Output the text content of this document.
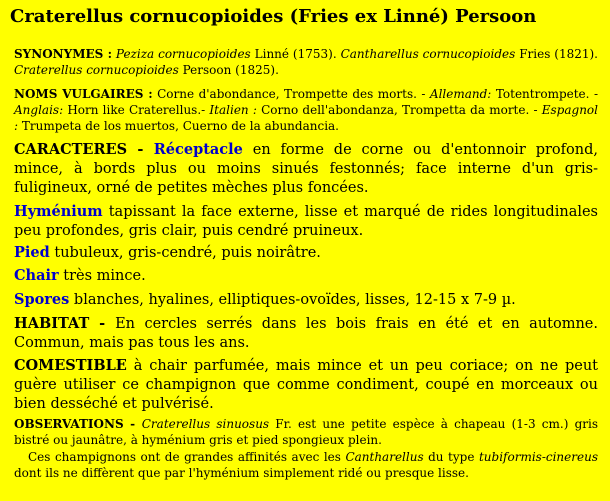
Craterellus cornucopioides (Fries ex Linné) Persoon

SYNONYMES : Peziza cornucopioides Linné (1753). Cantharellus cornucopioides Fries (1821). Craterellus cornucopioides Persoon (1825).

NOMS VULGAIRES : Corne d'abondance, Trompette des morts. - Allemand: Totentrompete. - Anglais: Horn like Craterellus.- Italien : Corno dell'abondanza, Trompetta da morte. - Espagnol : Trumpeta de los muertos, Cuerno de la abundancia.

CARACTERES - Réceptacle en forme de corne ou d'entonnoir profond, mince, à bords plus ou moins sinués festonnés; face interne d'un gris-fuligineux, orné de petites mèches plus foncées.

Hyménium tapissant la face externe, lisse et marqué de rides longitudinales peu profondes, gris clair, puis cendré pruineux.

Pied tubuleux, gris-cendré, puis noirâtre.

Chair très mince.

Spores blanches, hyalines, elliptiques-ovoïdes, lisses, 12-15 x 7-9 µ.

HABITAT - En cercles serrés dans les bois frais en été et en automne. Commun, mais pas tous les ans.

COMESTIBLE à chair parfumée, mais mince et un peu coriace; on ne peut guère utiliser ce champignon que comme condiment, coupé en morceaux ou bien desséché et pulvérisé.

OBSERVATIONS - Craterellus sinuosus Fr. est une petite espèce à chapeau (1-3 cm.) gris bistré ou jaunâtre, à hyménium gris et pied spongieux plein.

Ces champignons ont de grandes affinités avec les Cantharellus du type tubiformis-cinereus dont ils ne diffèrent que par l'hyménium simplement ridé ou presque lisse.
